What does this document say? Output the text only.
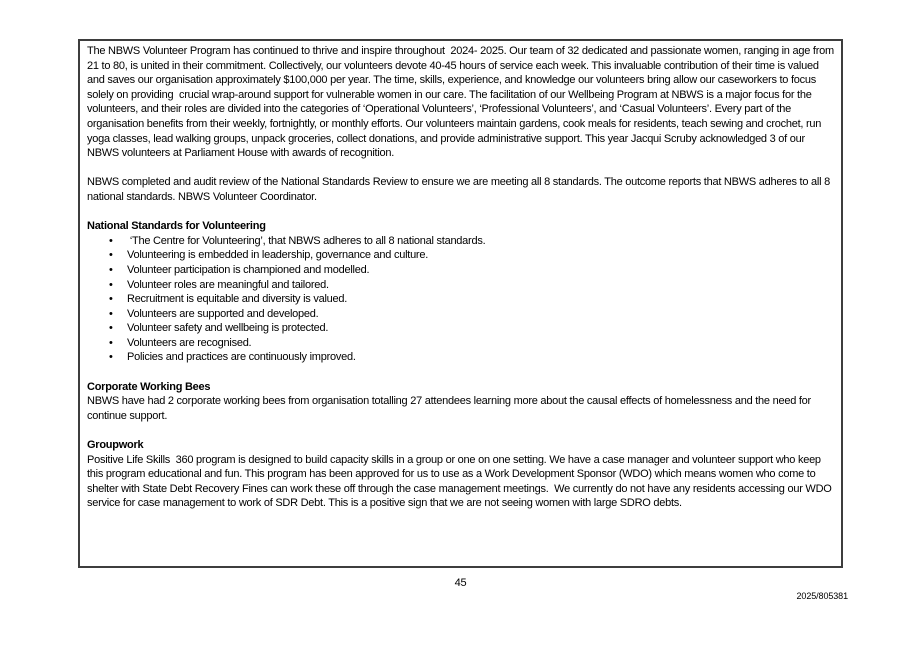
The NBWS Volunteer Program has continued to thrive and inspire throughout  2024- 2025. Our team of 32 dedicated and passionate women, ranging in age from 21 to 80, is united in their commitment. Collectively, our volunteers devote 40-45 hours of service each week. This invaluable contribution of their time is valued and saves our organisation approximately $100,000 per year. The time, skills, experience, and knowledge our volunteers bring allow our caseworkers to focus solely on providing  crucial wrap-around support for vulnerable women in our care. The facilitation of our Wellbeing Program at NBWS is a major focus for the volunteers, and their roles are divided into the categories of ‘Operational Volunteers’, ‘Professional Volunteers’, and ‘Casual Volunteers’. Every part of the organisation benefits from their weekly, fortnightly, or monthly efforts. Our volunteers maintain gardens, cook meals for residents, teach sewing and crochet, run yoga classes, lead walking groups, unpack groceries, collect donations, and provide administrative support. This year Jacqui Scruby acknowledged 3 of our NBWS volunteers at Parliament House with awards of recognition.
NBWS completed and audit review of the National Standards Review to ensure we are meeting all 8 standards. The outcome reports that NBWS adheres to all 8 national standards. NBWS Volunteer Coordinator.
National Standards for Volunteering
•	‘The Centre for Volunteering’, that NBWS adheres to all 8 national standards.
•	Volunteering is embedded in leadership, governance and culture.
•	Volunteer participation is championed and modelled.
•	Volunteer roles are meaningful and tailored.
•	Recruitment is equitable and diversity is valued.
•	Volunteers are supported and developed.
•	Volunteer safety and wellbeing is protected.
•	Volunteers are recognised.
•	Policies and practices are continuously improved.
Corporate Working Bees
NBWS have had 2 corporate working bees from organisation totalling 27 attendees learning more about the causal effects of homelessness and the need for continue support.
Groupwork
Positive Life Skills  360 program is designed to build capacity skills in a group or one on one setting. We have a case manager and volunteer support who keep this program educational and fun. This program has been approved for us to use as a Work Development Sponsor (WDO) which means women who come to shelter with State Debt Recovery Fines can work these off through the case management meetings.  We currently do not have any residents accessing our WDO service for case management to work of SDR Debt. This is a positive sign that we are not seeing women with large SDRO debts.
45
2025/805381
